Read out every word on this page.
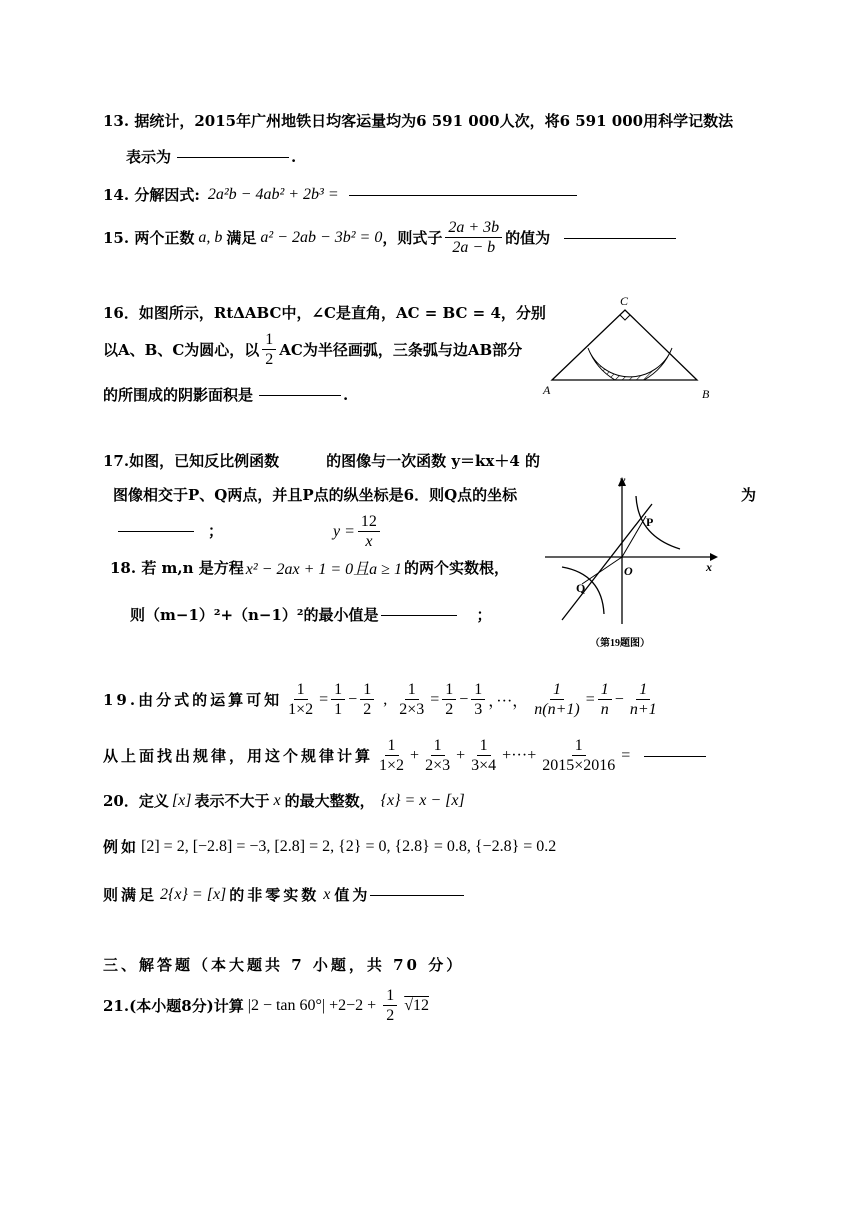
13. 据统计，2015年广州地铁日均客运量均为6 591 000人次，将6 591 000用科学记数法
表示为	.
14. 分解因式: 2a²b − 4ab² + 2b³ =
15. 两个正数 a, b 满足 a² − 2ab − 3b² = 0 ，则式子 $\frac{2a + 3b}{2a - b}$ 的值为
16．如图所示，RtΔABC中，∠C是直角，AC = BC = 4，分别
以A、B、C为圆心，以 $\frac{1}{2}$ AC为半径画弧，三条弧与边AB部分
的所围成的阴影面积是	.
C
A	B
17.如图，已知反比例函数         的图像与一次函数 y＝kx＋4 的
图像相交于P、Q两点，并且P点的纵坐标是6．则Q点的坐标	为
；	$y = \frac{12}{x}$
18. 若 m,n 是方程 x² − 2ax + 1 = 0且a ≥ 1 的两个实数根，
则（m−1）²+（n−1）²的最小值是	；
y
x
O
P
Q
（第19题图）
19.由分式的运算可知 $\frac{1}{1\times 2} = \frac{1}{1} - \frac{1}{2}$ , $\frac{1}{2\times 3} = \frac{1}{2} - \frac{1}{3}$ ，···， $\frac{1}{n(n+1)} = \frac{1}{n} - \frac{1}{n+1}$
从上面找出规律，用这个规律计算 $\frac{1}{1\times 2} + \frac{1}{2\times 3} + \frac{1}{3\times 4}$ + ··· + $\frac{1}{2015\times 2016}$ =
20．定义 [x] 表示不大于 x 的最大整数， {x} = x − [x]
例如 [2] = 2, [−2.8] = −3, [2.8] = 2, {2} = 0, {2.8} = 0.8, {−2.8} = 0.2
则满足 2{x} = [x] 的非零实数 x 值为
三、解答题（本大题共 7 小题，共 70 分）
21.(本小题8分)计算 $|2 - \tan 60^\circ| +2 -2 + \frac{1}{2} √12$
